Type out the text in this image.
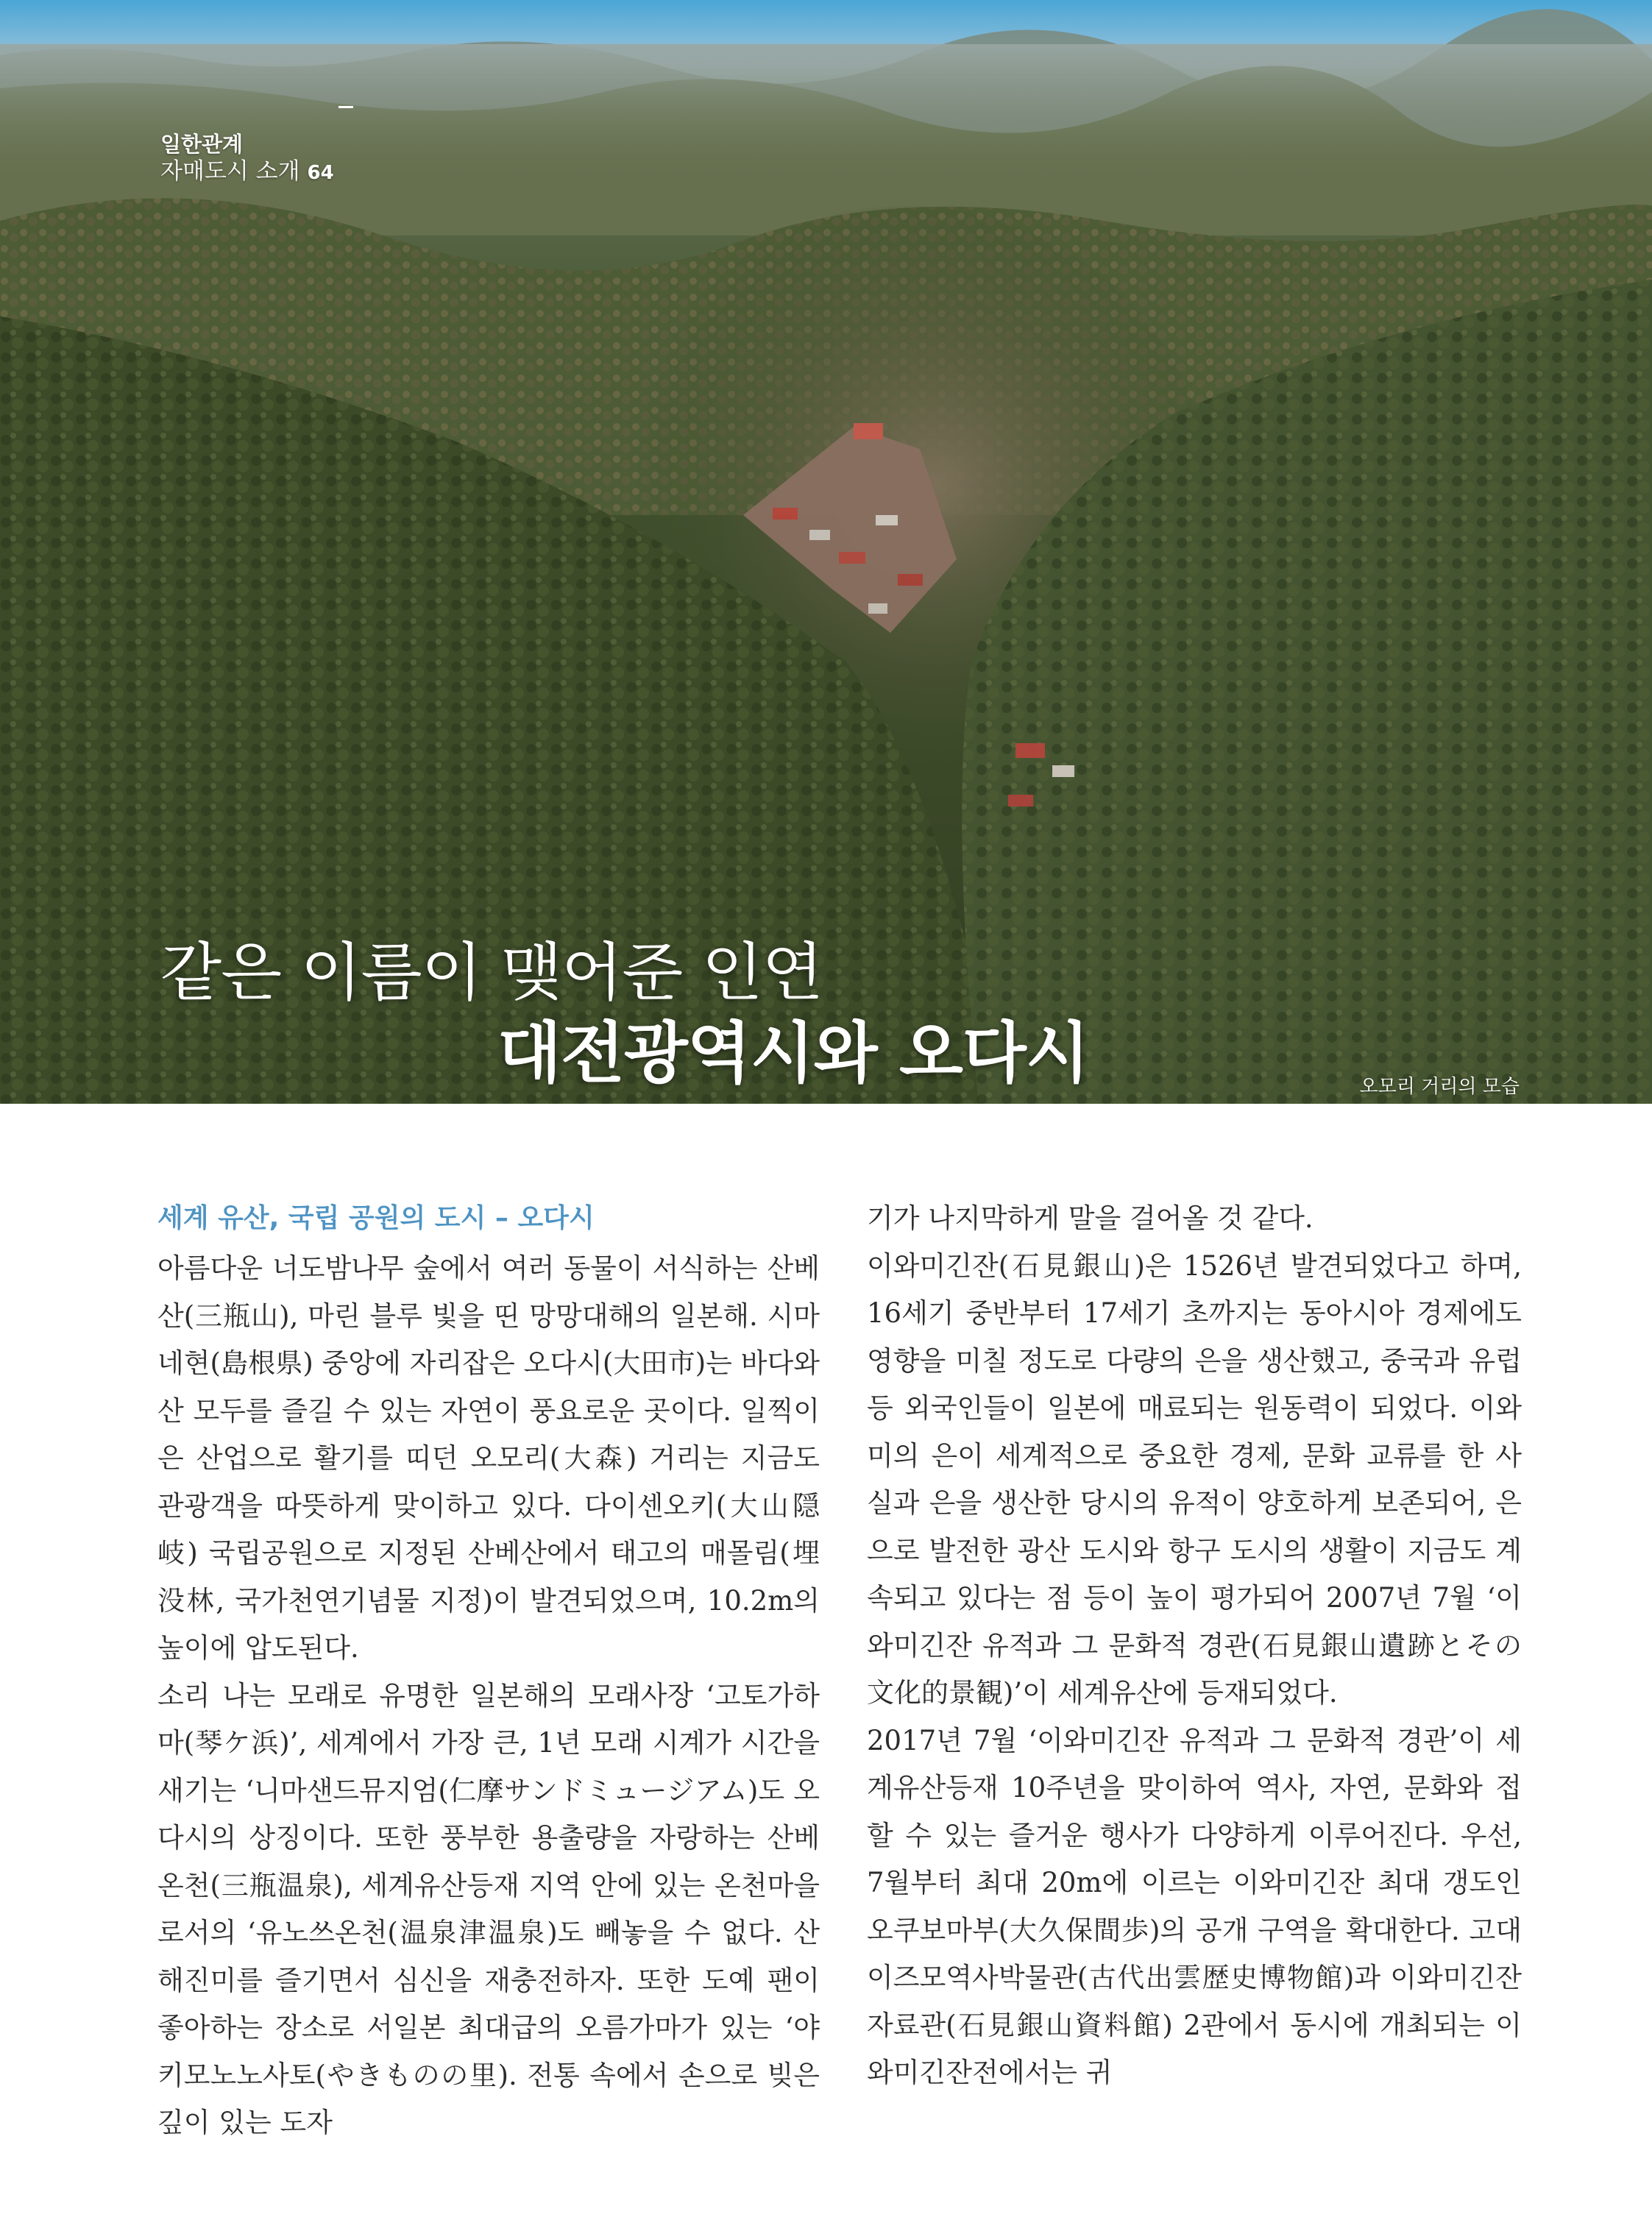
일한관계
자매도시 소개 64
같은 이름이 맺어준 인연
대전광역시와 오다시	오모리 거리의 모습
세계 유산, 국립 공원의 도시 – 오다시

아름다운 너도밤나무 숲에서 여러 동물이 서식하는 산베산(三瓶山), 마린 블루 빛을 띤 망망대해의 일본해. 시마네현(島根県) 중앙에 자리잡은 오다시(大田市)는 바다와 산 모두를 즐길 수 있는 자연이 풍요로운 곳이다. 일찍이 은 산업으로 활기를 띠던 오모리(大森) 거리는 지금도 관광객을 따뜻하게 맞이하고 있다. 다이센오키(大山隠岐) 국립공원으로 지정된 산베산에서 태고의 매몰림(埋没林, 국가천연기념물 지정)이 발견되었으며, 10.2m의 높이에 압도된다.

소리 나는 모래로 유명한 일본해의 모래사장 ‘고토가하마(琴ケ浜)’, 세계에서 가장 큰, 1년 모래 시계가 시간을 새기는 ‘니마샌드뮤지엄(仁摩サンドミュージアム)도 오다시의 상징이다. 또한 풍부한 용출량을 자랑하는 산베온천(三瓶温泉), 세계유산등재 지역 안에 있는 온천마을로서의 ‘유노쓰온천(温泉津温泉)도 빼놓을 수 없다. 산해진미를 즐기면서 심신을 재충전하자. 또한 도예 팬이 좋아하는 장소로 서일본 최대급의 오름가마가 있는 ‘야키모노노사토(やきものの里). 전통 속에서 손으로 빚은 깊이 있는 도자

기가 나지막하게 말을 걸어올 것 같다.

이와미긴잔(石見銀山)은 1526년 발견되었다고 하며, 16세기 중반부터 17세기 초까지는 동아시아 경제에도 영향을 미칠 정도로 다량의 은을 생산했고, 중국과 유럽 등 외국인들이 일본에 매료되는 원동력이 되었다. 이와미의 은이 세계적으로 중요한 경제, 문화 교류를 한 사실과 은을 생산한 당시의 유적이 양호하게 보존되어, 은으로 발전한 광산 도시와 항구 도시의 생활이 지금도 계속되고 있다는 점 등이 높이 평가되어 2007년 7월 ‘이와미긴잔 유적과 그 문화적 경관(石見銀山遺跡とその文化的景観)’이 세계유산에 등재되었다.

2017년 7월 ‘이와미긴잔 유적과 그 문화적 경관’이 세계유산등재 10주년을 맞이하여 역사, 자연, 문화와 접할 수 있는 즐거운 행사가 다양하게 이루어진다. 우선, 7월부터 최대 20m에 이르는 이와미긴잔 최대 갱도인 오쿠보마부(大久保間歩)의 공개 구역을 확대한다. 고대 이즈모역사박물관(古代出雲歴史博物館)과 이와미긴잔자료관(石見銀山資料館) 2관에서 동시에 개최되는 이와미긴잔전에서는 귀
